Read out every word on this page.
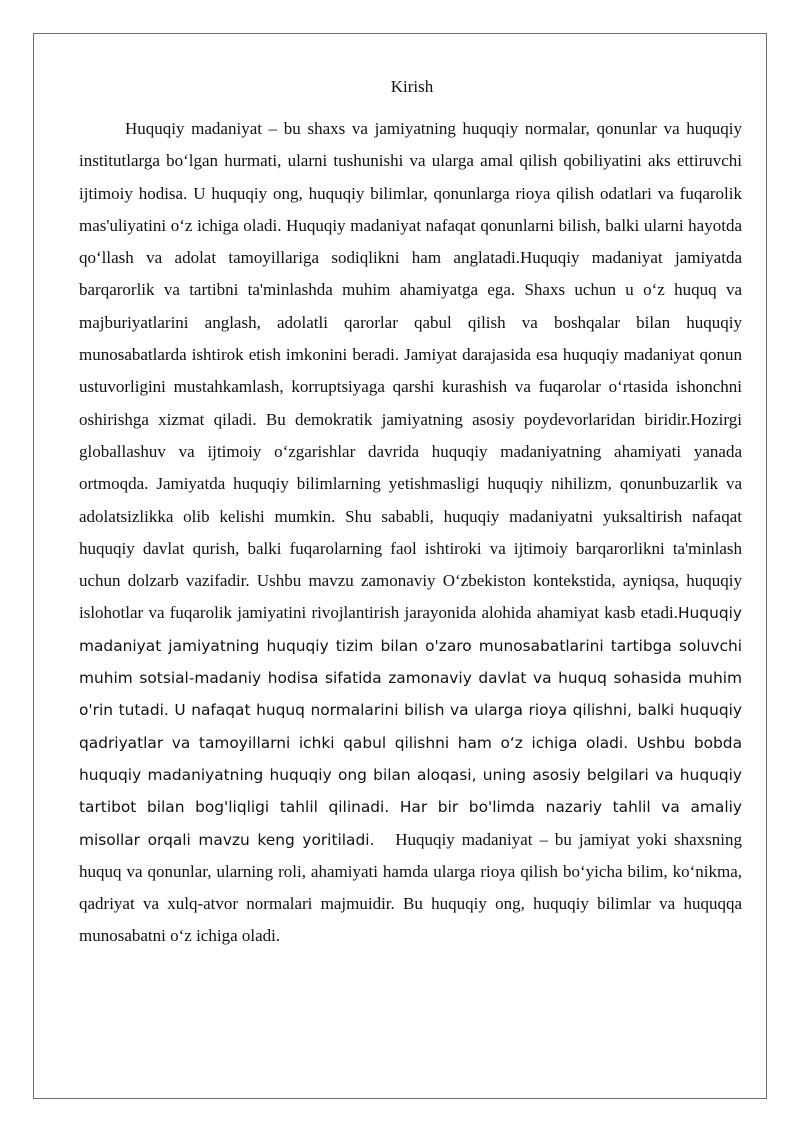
Kirish

Huquqiy madaniyat – bu shaxs va jamiyatning huquqiy normalar, qonunlar va huquqiy institutlarga bo‘lgan hurmati, ularni tushunishi va ularga amal qilish qobiliyatini aks ettiruvchi ijtimoiy hodisa. U huquqiy ong, huquqiy bilimlar, qonunlarga rioya qilish odatlari va fuqarolik mas'uliyatini o‘z ichiga oladi. Huquqiy madaniyat nafaqat qonunlarni bilish, balki ularni hayotda qo‘llash va adolat tamoyillariga sodiqlikni ham anglatadi.Huquqiy madaniyat jamiyatda barqarorlik va tartibni ta'minlashda muhim ahamiyatga ega. Shaxs uchun u o‘z huquq va majburiyatlarini anglash, adolatli qarorlar qabul qilish va boshqalar bilan huquqiy munosabatlarda ishtirok etish imkonini beradi. Jamiyat darajasida esa huquqiy madaniyat qonun ustuvorligini mustahkamlash, korruptsiyaga qarshi kurashish va fuqarolar o‘rtasida ishonchni oshirishga xizmat qiladi. Bu demokratik jamiyatning asosiy poydevorlaridan biridir.Hozirgi globallashuv va ijtimoiy o‘zgarishlar davrida huquqiy madaniyatning ahamiyati yanada ortmoqda. Jamiyatda huquqiy bilimlarning yetishmasligi huquqiy nihilizm, qonunbuzarlik va adolatsizlikka olib kelishi mumkin. Shu sababli, huquqiy madaniyatni yuksaltirish nafaqat huquqiy davlat qurish, balki fuqarolarning faol ishtiroki va ijtimoiy barqarorlikni ta'minlash uchun dolzarb vazifadir. Ushbu mavzu zamonaviy O‘zbekiston kontekstida, ayniqsa, huquqiy islohotlar va fuqarolik jamiyatini rivojlantirish jarayonida alohida ahamiyat kasb etadi.Huquqiy madaniyat jamiyatning huquqiy tizim bilan o'zaro munosabatlarini tartibga soluvchi muhim sotsial-madaniy hodisa sifatida zamonaviy davlat va huquq sohasida muhim o'rin tutadi. U nafaqat huquq normalarini bilish va ularga rioya qilishni, balki huquqiy qadriyatlar va tamoyillarni ichki qabul qilishni ham o‘z ichiga oladi. Ushbu bobda huquqiy madaniyatning huquqiy ong bilan aloqasi, uning asosiy belgilari va huquqiy tartibot bilan bog'liqligi tahlil qilinadi. Har bir bo'limda nazariy tahlil va amaliy misollar orqali mavzu keng yoritiladi.   Huquqiy madaniyat – bu jamiyat yoki shaxsning huquq va qonunlar, ularning roli, ahamiyati hamda ularga rioya qilish bo‘yicha bilim, ko‘nikma, qadriyat va xulq-atvor normalari majmuidir. Bu huquqiy ong, huquqiy bilimlar va huquqqa munosabatni o‘z ichiga oladi.
